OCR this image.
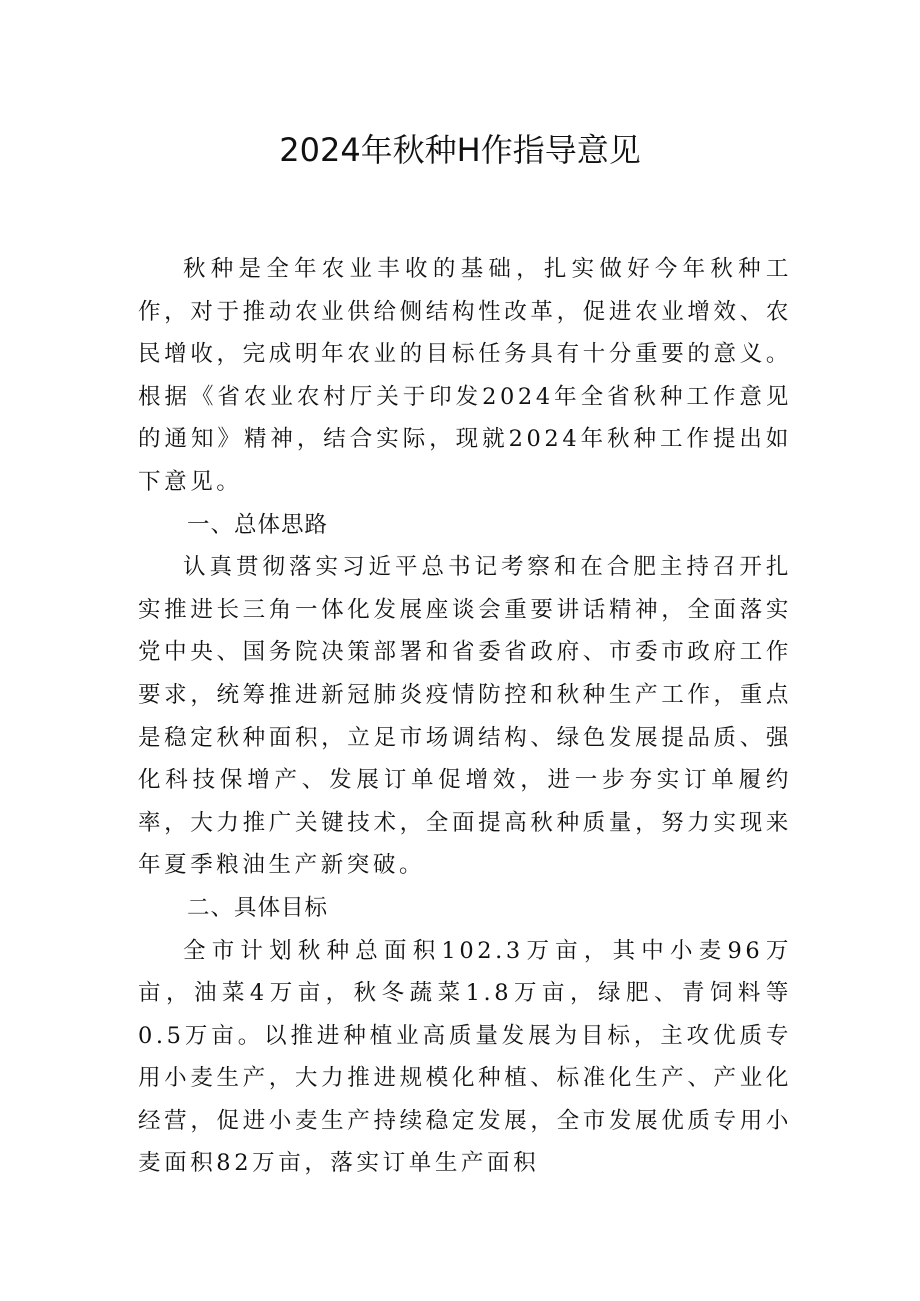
2024年秋种H作指导意见

秋种是全年农业丰收的基础，扎实做好今年秋种工作，对于推动农业供给侧结构性改革，促进农业增效、农民增收，完成明年农业的目标任务具有十分重要的意义。根据《省农业农村厅关于印发2024年全省秋种工作意见的通知》精神，结合实际，现就2024年秋种工作提出如下意见。

一、总体思路

认真贯彻落实习近平总书记考察和在合肥主持召开扎实推进长三角一体化发展座谈会重要讲话精神，全面落实党中央、国务院决策部署和省委省政府、市委市政府工作要求，统筹推进新冠肺炎疫情防控和秋种生产工作，重点是稳定秋种面积，立足市场调结构、绿色发展提品质、强化科技保增产、发展订单促增效，进一步夯实订单履约率，大力推广关键技术，全面提高秋种质量，努力实现来年夏季粮油生产新突破。

二、具体目标

全市计划秋种总面积102.3万亩，其中小麦96万亩，油菜4万亩，秋冬蔬菜1.8万亩，绿肥、青饲料等0.5万亩。以推进种植业高质量发展为目标，主攻优质专用小麦生产，大力推进规模化种植、标准化生产、产业化经营，促进小麦生产持续稳定发展，全市发展优质专用小麦面积82万亩，落实订单生产面积
